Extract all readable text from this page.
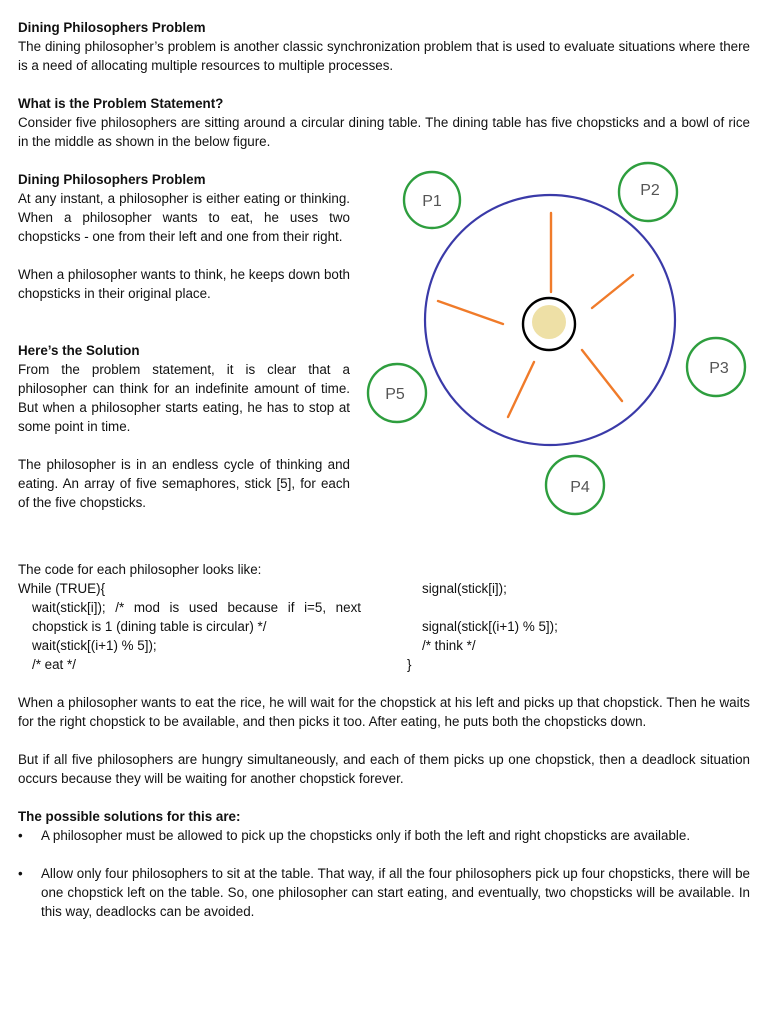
Dining Philosophers Problem

The dining philosopher’s problem is another classic synchronization problem that is used to evaluate situations where there is a need of allocating multiple resources to multiple processes.

What is the Problem Statement?

Consider five philosophers are sitting around a circular dining table. The dining table has five chopsticks and a bowl of rice in the middle as shown in the below figure.

Dining Philosophers Problem

At any instant, a philosopher is either eating or thinking. When a philosopher wants to eat, he uses two chopsticks - one from their left and one from their right.

When a philosopher wants to think, he keeps down both chopsticks in their original place.

Here’s the Solution

From the problem statement, it is clear that a philosopher can think for an indefinite amount of time. But when a philosopher starts eating, he has to stop at some point in time.

The philosopher is in an endless cycle of thinking and eating. An array of five semaphores, stick [5], for each of the five chopsticks.

P1
P2
P3
P4
P5

The code for each philosopher looks like:

While (TRUE){

wait(stick[i]); /* mod is used because if i=5, next chopstick is 1 (dining table is circular) */

wait(stick[(i+1) % 5]);

/* eat */

signal(stick[i]);

signal(stick[(i+1) % 5]);

/* think */

}

When a philosopher wants to eat the rice, he will wait for the chopstick at his left and picks up that chopstick. Then he waits for the right chopstick to be available, and then picks it too. After eating, he puts both the chopsticks down.

But if all five philosophers are hungry simultaneously, and each of them picks up one chopstick, then a deadlock situation occurs because they will be waiting for another chopstick forever.

The possible solutions for this are:

• A philosopher must be allowed to pick up the chopsticks only if both the left and right chopsticks are available.
• Allow only four philosophers to sit at the table. That way, if all the four philosophers pick up four chopsticks, there will be one chopstick left on the table. So, one philosopher can start eating, and eventually, two chopsticks will be available. In this way, deadlocks can be avoided.
